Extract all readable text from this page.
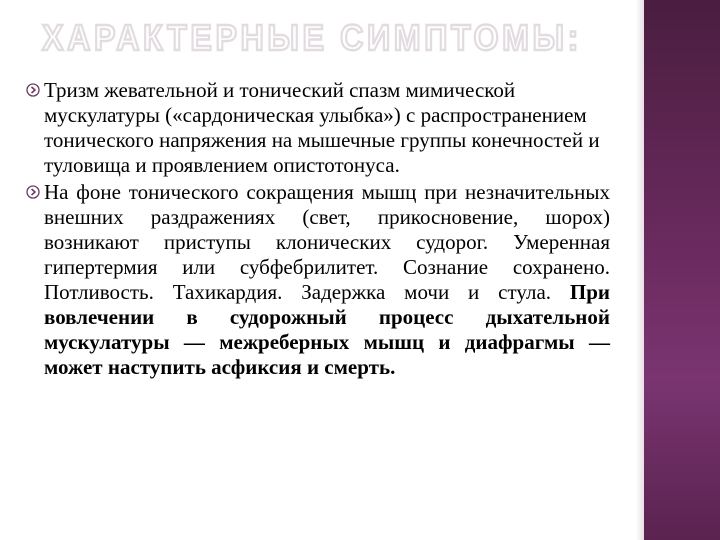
ХАРАКТЕРНЫЕ СИМПТОМЫ:

Тризм жевательной и тонический спазм мимической мускулатуры («сардоническая улыбка») с распространением тонического напряжения на мышечные группы конечностей и туловища и проявлением опистотонуса.

На фоне тонического сокращения мышц при незначительных внешних раздражениях (свет, прикосновение, шорох) возникают приступы клонических судорог. Умеренная гипертермия или субфебрилитет. Сознание сохранено. Потливость. Тахикардия. Задержка мочи и стула. При вовлечении в судорожный процесс дыхательной мускулатуры — межреберных мышц и диафрагмы — может наступить асфиксия и смерть.
